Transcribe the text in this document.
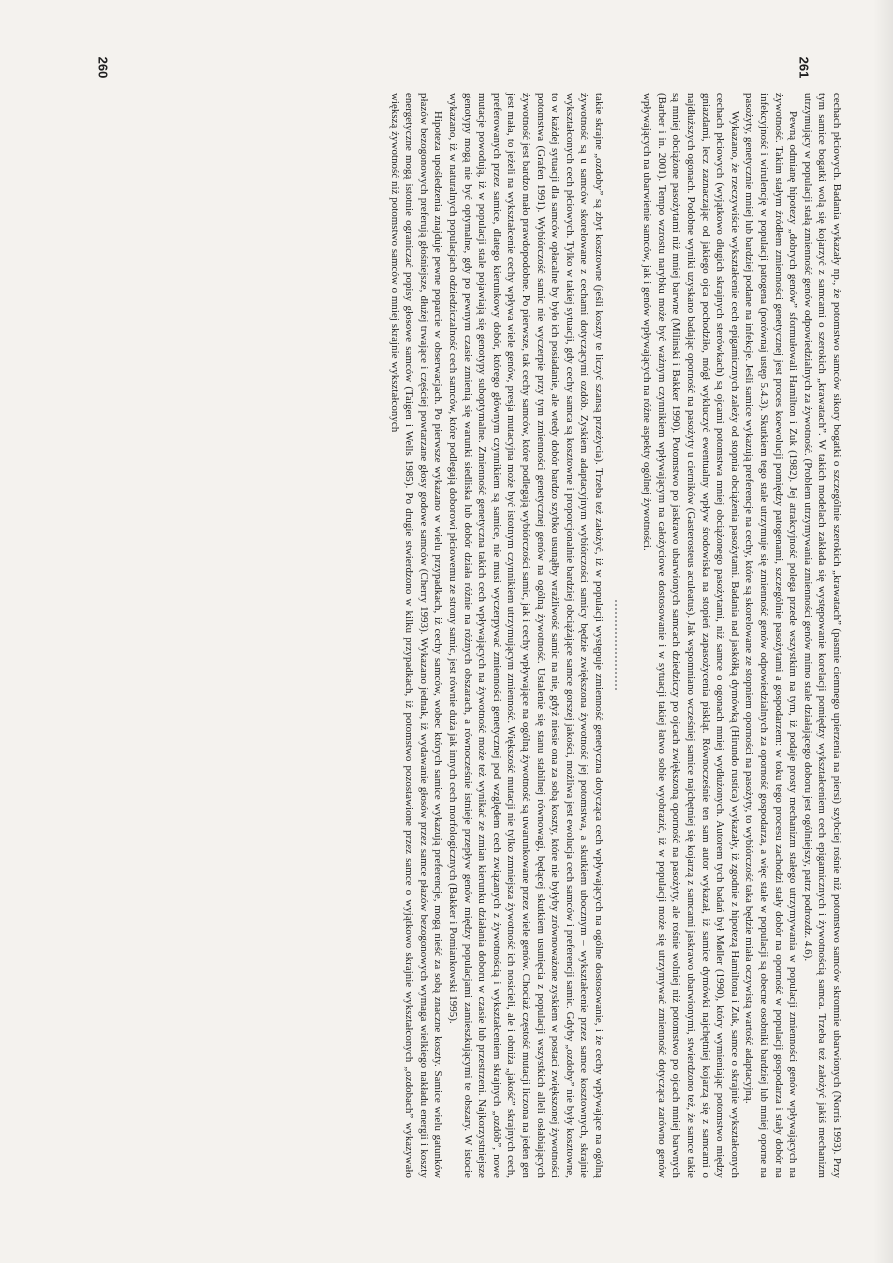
takie skrajne „ozdoby” są zbyt kosztowne (jeśli koszty te liczyć szansą przeżycia). Trzeba też założyć, iż w populacji występuje zmienność genetyczna dotycząca cech wpływających na ogólne dostosowanie, i że cechy wpływające na ogólną żywotność są u samców skorelowane z cechami dotyczącymi ozdób. Zyskiem adaptacyjnym wybiórczości samicy będzie zwiększona żywotność jej potomstwa, a skutkiem ubocznym – wykształcenie przez samce kosztownych, skrajnie wykształconych cech płciowych. Tylko w takiej sytuacji, gdy cechy samca są kosztowne i proporcjonalnie bardziej obciążające samce gorszej jakości, możliwa jest ewolucja cech samców i preferencji samic. Gdyby „ozdoby” nie były kosztowne, to w każdej sytuacji dla samców opłacalne by było ich posiadanie, ale wtedy dobór bardzo szybko usunąłby wrażliwość samic na nie, gdyż niesie ona za sobą koszty, które nie byłyby zrównoważone zyskiem w postaci zwiększonej żywotności potomstwa (Grafen 1991). Wybiórczość samic nie wyczerpie przy tym zmienności genetycznej genów na ogólną żywotność. Ustalenie się stanu stabilnej równowagi, będącej skutkiem usunięcia z populacji wszystkich alleli osłabiających żywotność jest bardzo mało prawdopodobne. Po pierwsze, tak cechy samców, które podlegają wybiórczości samic, jak i cechy wpływające na ogólną żywotność są uwarunkowane przez wiele genów. Chociaż częstość mutacji liczona na jeden gen jest mała, to jeżeli na wykształcenie cechy wpływa wiele genów, presja mutacyjna może być istotnym czynnikiem utrzymującym zmienność. Większość mutacji nie tylko zmniejsza żywotność ich nosicieli, ale i obniża „jakość” skrajnych cech, preferowanych przez samice, dlatego kierunkowy dobór, którego głównym czynnikiem są samice, nie musi wyczerpywać zmienności genetycznej pod względem cech związanych z żywotnością i wykształceniem skrajnych „ozdób”, nowe mutacje powodują, iż w populacji stale pojawiają się genotypy suboptymalne. Zmienność genetyczna takich cech wpływających na żywotność może też wynikać ze zmian kierunku działania doboru w czasie lub przestrzeni. Najkorzystniejsze genotypy mogą nie być optymalne, gdy po pewnym czasie zmienią się warunki siedliska lub dobór działa różnie na różnych obszarach, a równocześnie istnieje przepływ genów między populacjami zamieszkującymi te obszary. W istocie wykazano, iż w naturalnych populacjach odziedziczalność cech samców, które podlegają doborowi płciowemu ze strony samic, jest równie duża jak innych cech morfologicznych (Bakker i Pomiankowski 1995).

Hipoteza upośledzenia znajduje pewne poparcie w obserwacjach. Po pierwsze wykazano w wielu przypadkach, iż cechy samców, wobec których samice wykazują preferencje, mogą nieść za sobą znaczne koszty. Samice wielu gatunków płazów bezogonowych preferują głośniejsze, dłużej trwające i częściej powtarzane głosy godowe samców (Cherry 1993). Wykazano jednak, iż wydawanie głosów przez samce płazów bezogonowych wymaga wielkiego nakładu energii i koszty energetyczne mogą istotnie ograniczać popisy głosowe samców (Taigen i Wells 1985). Po drugie stwierdzono w kilku przypadkach, iż potomstwo pozostawione przez samce o wyjątkowo skrajnie wykształconych „ozdobach” wykazywało większą żywotność niż potomstwo samców o mniej skrajnie wykształconych	cechach płciowych. Badania wykazały np., że potomstwo samców sikory bogatki o szczególnie szerokich „krawatach” (pasmie ciemnego upierzenia na piersi) szybciej rośnie niż potomstwo samców skromnie ubarwionych (Norris 1993). Przy tym samice bogatki wolą się kojarzyć z samcami o szerokich „krawatach”. W takich modelach zakłada się występowanie korelacji pomiędzy wykształceniem cech epigamicznych i żywotnością samca. Trzeba też założyć jakiś mechanizm utrzymujący w populacji stałą zmienność genów odpowiedzialnych za żywotność. (Problem utrzymywania zmienności genów mimo stale działającego doboru jest ogólniejszy, patrz podrozdz. 4.6).

Pewną odmianę hipotezy „dobrych genów” sformułowali Hamilton i Zuk (1982). Jej atrakcyjność polega przede wszystkim na tym, iż podaje prosty mechanizm stałego utrzymywania w populacji zmienności genów wpływających na żywotność. Takim stałym źródłem zmienności genetycznej jest proces koewolucji pomiędzy patogenami, szczególnie pasożytami a gospodarzem: w toku tego procesu zachodzi stały dobór na oporność w populacji gospodarza i stały dobór na infekcyjność i wirulencję w populacji patogena (porównaj ustęp 5.4.3). Skutkiem tego stale utrzymuje się zmienność genów odpowiedzialnych za oporność gospodarza, a więc stale w populacji są obecne osobniki bardziej lub mniej oporne na pasożyty, genetycznie mniej lub bardziej podane na infekcje. Jeśli samice wykazują preferencje na cechy, które są skorelowane ze stopniem oporności na pasożyty, to wybiórczość taka będzie miała oczywistą wartość adaptacyjną.

Wykazano, że rzeczywiście wykształcenie cech epigamicznych zależy od stopnia obciążenia pasożytami. Badania nad jaskółką dymówką (Hirundo rustica) wykazały, iż zgodnie z hipotezą Hamiltona i Zuk, samce o skrajnie wykształconych cechach płciowych (wyjątkowo długich skrajnych sterówkach) są ojcami potomstwa mniej obciążonego pasożytami, niż samce o ogonach mniej wydłużonych. Autorem tych badań był Møller (1990), który wymieniając potomstwo między gniazdami, lecz zaznaczając od jakiego ojca pochodziło, mógł wykluczyć ewentualny wpływ środowiska na stopień zapasożycenia piskląt. Równocześnie ten sam autor wykazał, iż samice dymówki najchętniej kojarzą się z samcami o najdłuższych ogonach. Podobne wyniki uzyskano badając oporność na pasożyty u cierników (Gasterosteus aculeatus). Jak wspomniano wcześniej samice najchętniej się kojarzą z samcami jaskrawo ubarwionymi, stwierdzono też, że samce takie są mniej obciążone pasożytami niż mniej barwne (Milinski i Bakker 1990). Potomstwo po jaskrawo ubarwionych samcach dziedziczy po ojcach zwiększoną oporność na pasożyty, ale rośnie wolniej niż potomstwo po ojcach mniej barwnych (Barber i in. 2001). Tempo wzrostu narybku może być ważnym czynnikiem wpływającym na całożyciowe dostosowanie i w sytuacji takiej łatwo sobie wyobrazić, iż w populacji może się utrzymywać zmienność dotycząca zarówno genów wpływających na ubarwienie samców, jak i genów wpływających na różne aspekty ogólnej żywotności.

260	261
